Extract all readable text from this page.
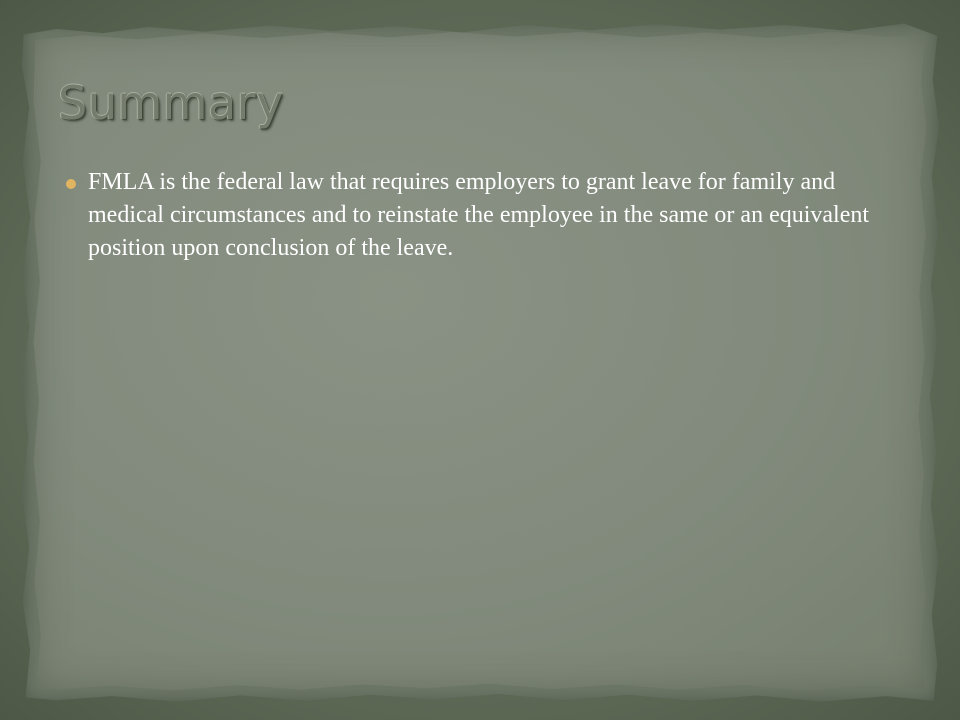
Summary
FMLA is the federal law that requires employers to grant leave for family and medical circumstances and to reinstate the employee in the same or an equivalent position upon conclusion of the leave.
